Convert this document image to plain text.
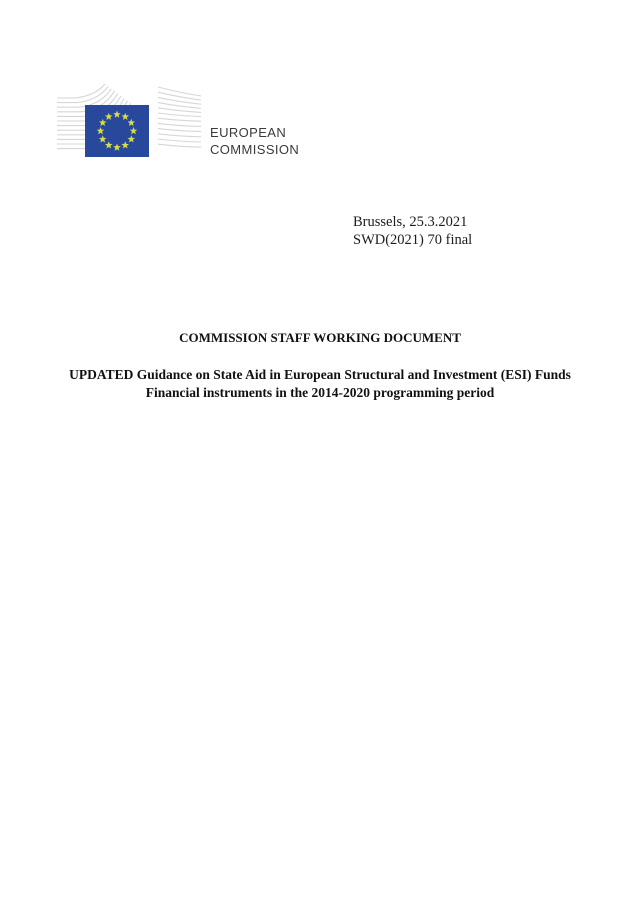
EUROPEAN
COMMISSION
Brussels, 25.3.2021
SWD(2021) 70 final
COMMISSION STAFF WORKING DOCUMENT
UPDATED Guidance on State Aid in European Structural and Investment (ESI) Funds
Financial instruments in the 2014-2020 programming period
